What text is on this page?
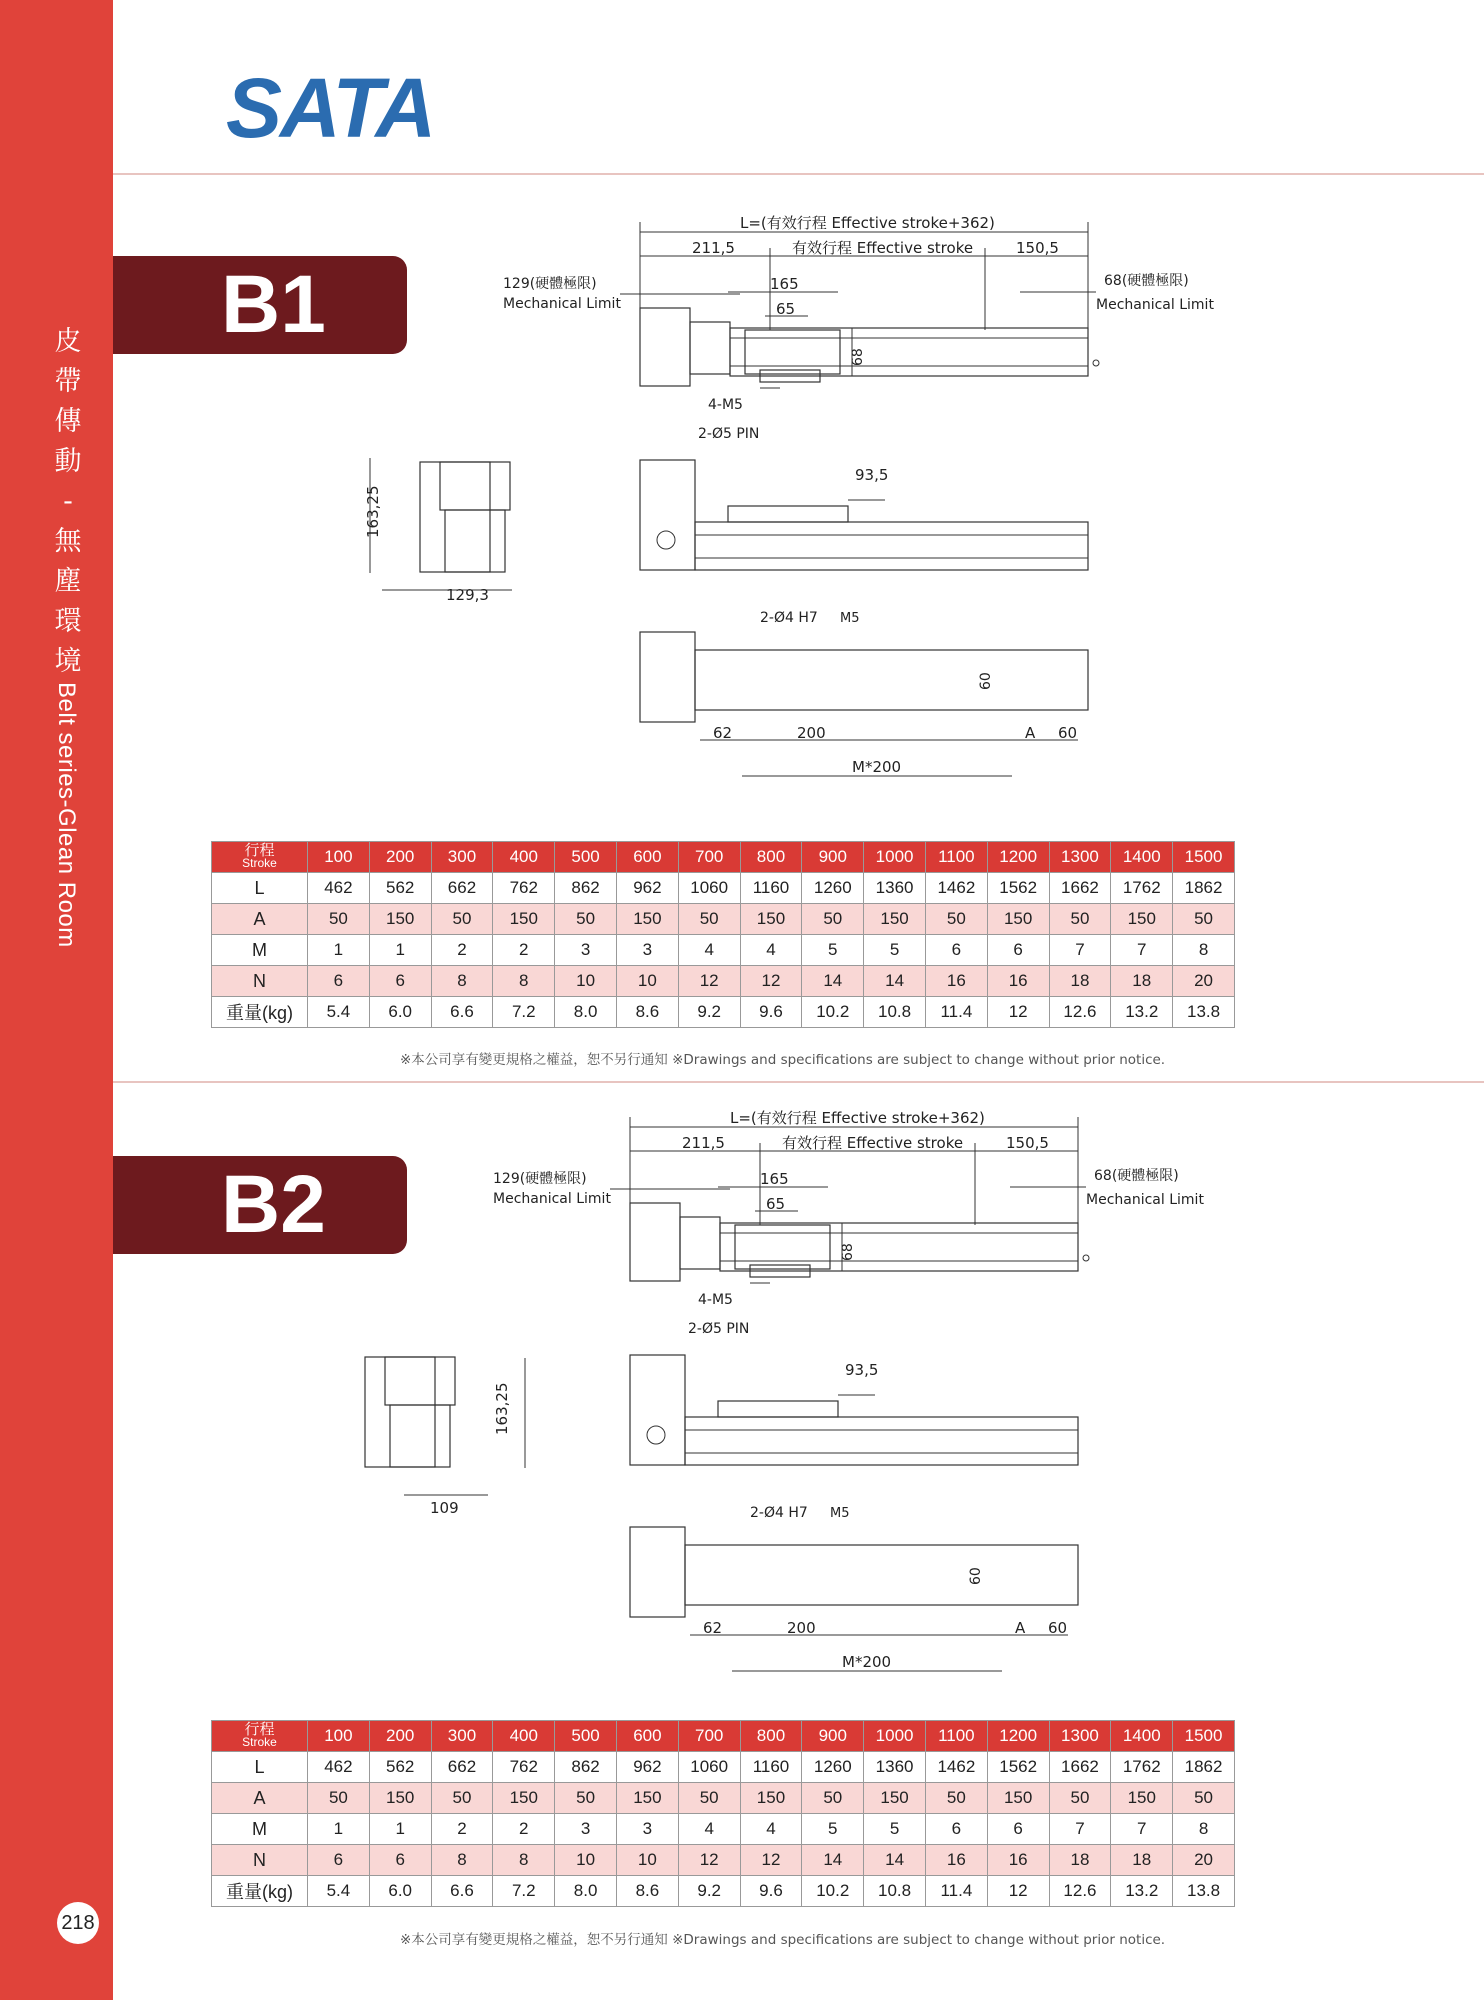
皮
帶
傳
動
-
無
塵
環
境
Belt series-Glean Room
218
SATA
B1
L=(有效行程 Effective stroke+362)
211,5	有效行程 Effective stroke	150,5
129(硬體極限)
Mechanical Limit
68(硬體極限)
Mechanical Limit
165
65
68
4-M5
2-Ø5 PIN
163,25
129,3
93,5
2-Ø4 H7 M5
60
62	200	A 60
M*200
行程
Stroke	100	200	300	400	500	600	700	800	900	1000	1100	1200	1300	1400	1500
L	462	562	662	762	862	962	1060	1160	1260	1360	1462	1562	1662	1762	1862
A	50	150	50	150	50	150	50	150	50	150	50	150	50	150	50
M	1	1	2	2	3	3	4	4	5	5	6	6	7	7	8
N	6	6	8	8	10	10	12	12	14	14	16	16	18	18	20
重量(kg)	5.4	6.0	6.6	7.2	8.0	8.6	9.2	9.6	10.2	10.8	11.4	12	12.6	13.2	13.8
※本公司享有變更規格之權益，恕不另行通知 ※Drawings and specifications are subject to change without prior notice.
B2
L=(有效行程 Effective stroke+362)
211,5	有效行程 Effective stroke	150,5
129(硬體極限)
Mechanical Limit
68(硬體極限)
Mechanical Limit
165
65
68
4-M5
2-Ø5 PIN
163,25
109
93,5
2-Ø4 H7 M5
60
62	200	A 60
M*200
行程
Stroke	100	200	300	400	500	600	700	800	900	1000	1100	1200	1300	1400	1500
L	462	562	662	762	862	962	1060	1160	1260	1360	1462	1562	1662	1762	1862
A	50	150	50	150	50	150	50	150	50	150	50	150	50	150	50
M	1	1	2	2	3	3	4	4	5	5	6	6	7	7	8
N	6	6	8	8	10	10	12	12	14	14	16	16	18	18	20
重量(kg)	5.4	6.0	6.6	7.2	8.0	8.6	9.2	9.6	10.2	10.8	11.4	12	12.6	13.2	13.8
※本公司享有變更規格之權益，恕不另行通知 ※Drawings and specifications are subject to change without prior notice.
